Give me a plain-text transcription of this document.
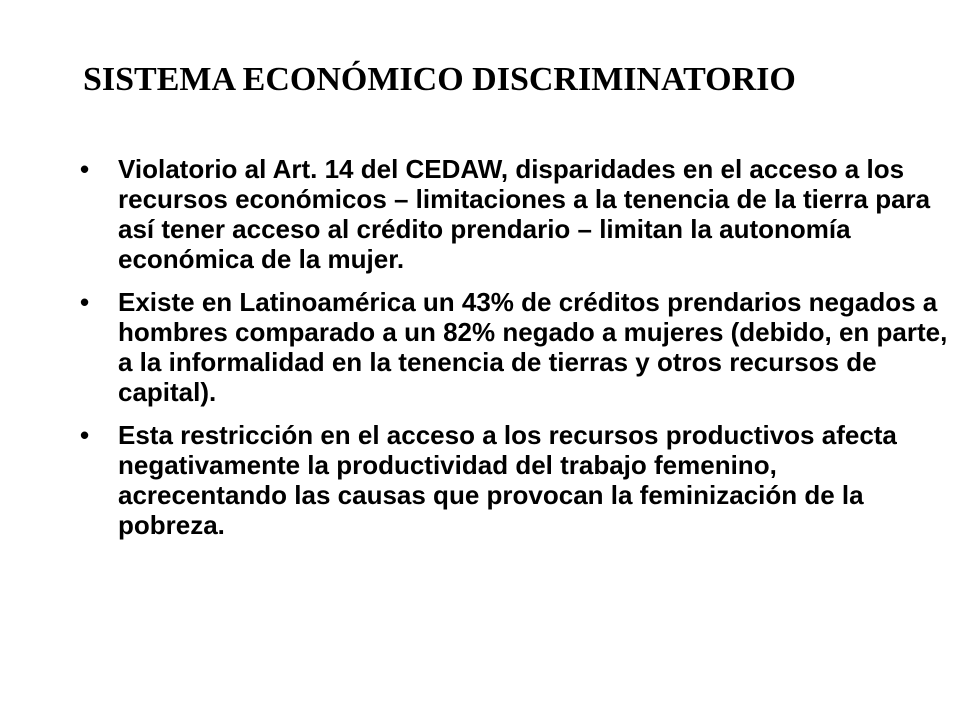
SISTEMA ECONÓMICO DISCRIMINATORIO
•	Violatorio al Art. 14 del CEDAW, disparidades en el acceso a los recursos económicos – limitaciones a la tenencia de la tierra para así tener acceso al crédito prendario – limitan la autonomía económica de la mujer.
•	Existe en Latinoamérica un 43% de créditos prendarios negados a hombres comparado a un 82% negado a mujeres (debido, en parte, a la informalidad en la tenencia de tierras y otros recursos de capital).
•	Esta restricción en el acceso a los recursos productivos afecta negativamente la productividad del trabajo femenino, acrecentando las causas que provocan la feminización de la pobreza.
